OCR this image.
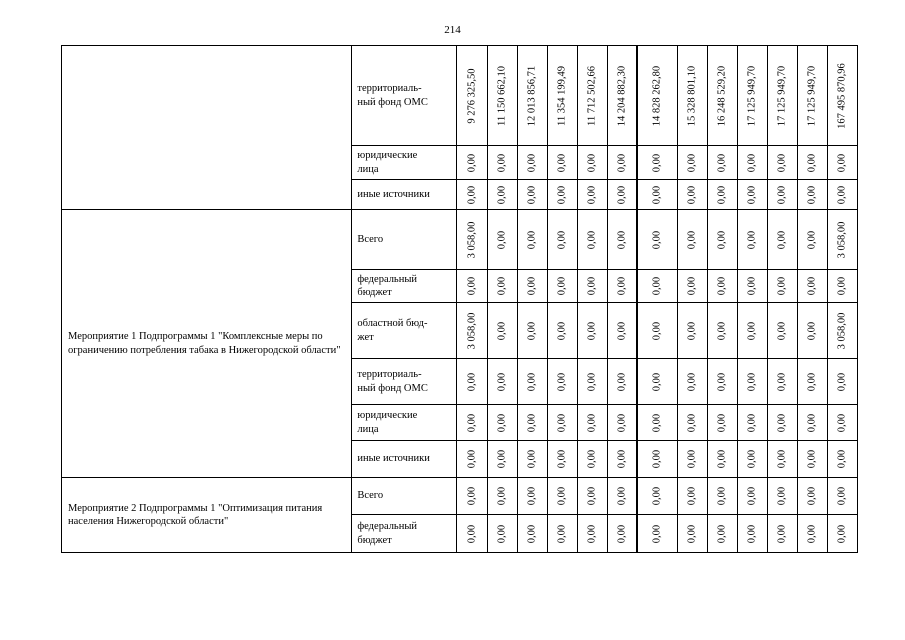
214
	территориаль-
ный фонд ОМС	9 276 325,50	11 150 662,10	12 013 856,71	11 354 199,49	11 712 502,66	14 204 882,30	14 828 262,80	15 328 801,10	16 248 529,20	17 125 949,70	17 125 949,70	17 125 949,70	167 495 870,96

	юридические
лица	0,00	0,00	0,00	0,00	0,00	0,00	0,00	0,00	0,00	0,00	0,00	0,00	0,00

	иные источники	0,00	0,00	0,00	0,00	0,00	0,00	0,00	0,00	0,00	0,00	0,00	0,00	0,00

Мероприятие 1 Подпрограммы 1 "Комплексные меры по ограничению потребления табака в Нижегородской области"	Всего	3 058,00	0,00	0,00	0,00	0,00	0,00	0,00	0,00	0,00	0,00	0,00	0,00	3 058,00

	федеральный
бюджет	0,00	0,00	0,00	0,00	0,00	0,00	0,00	0,00	0,00	0,00	0,00	0,00	0,00

	областной бюд-
жет	3 058,00	0,00	0,00	0,00	0,00	0,00	0,00	0,00	0,00	0,00	0,00	0,00	3 058,00

	территориаль-
ный фонд ОМС	0,00	0,00	0,00	0,00	0,00	0,00	0,00	0,00	0,00	0,00	0,00	0,00	0,00

	юридические
лица	0,00	0,00	0,00	0,00	0,00	0,00	0,00	0,00	0,00	0,00	0,00	0,00	0,00

	иные источники	0,00	0,00	0,00	0,00	0,00	0,00	0,00	0,00	0,00	0,00	0,00	0,00	0,00

Мероприятие 2 Подпрограммы 1 "Оптимизация питания населения Нижегородской области"	Всего	0,00	0,00	0,00	0,00	0,00	0,00	0,00	0,00	0,00	0,00	0,00	0,00	0,00

	федеральный
бюджет	0,00	0,00	0,00	0,00	0,00	0,00	0,00	0,00	0,00	0,00	0,00	0,00	0,00
